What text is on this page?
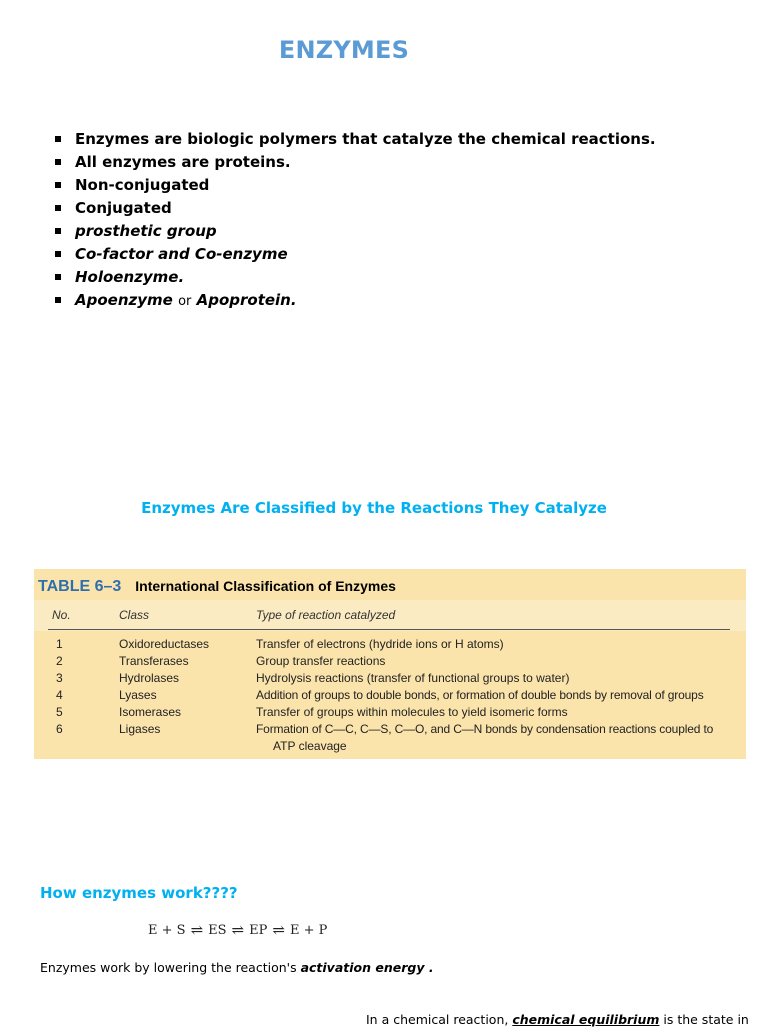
ENZYMES
Enzymes are biologic polymers that catalyze the chemical reactions.
All enzymes are proteins.
Non-conjugated
Conjugated
prosthetic group
Co-factor and Co-enzyme
Holoenzyme.
Apoenzyme or Apoprotein.
Enzymes Are Classified by the Reactions They Catalyze
TABLE 6–3 International Classification of Enzymes
No.	Class	Type of reaction catalyzed
1	Oxidoreductases	Transfer of electrons (hydride ions or H atoms)
2	Transferases	Group transfer reactions
3	Hydrolases	Hydrolysis reactions (transfer of functional groups to water)
4	Lyases	Addition of groups to double bonds, or formation of double bonds by removal of groups
5	Isomerases	Transfer of groups within molecules to yield isomeric forms
6	Ligases	Formation of C—C, C—S, C—O, and C—N bonds by condensation reactions coupled to
ATP cleavage
How enzymes work????
E + S ⇌ ES ⇌ EP ⇌ E + P
Enzymes work by lowering the reaction's activation energy .
In a chemical reaction, chemical equilibrium is the state in
